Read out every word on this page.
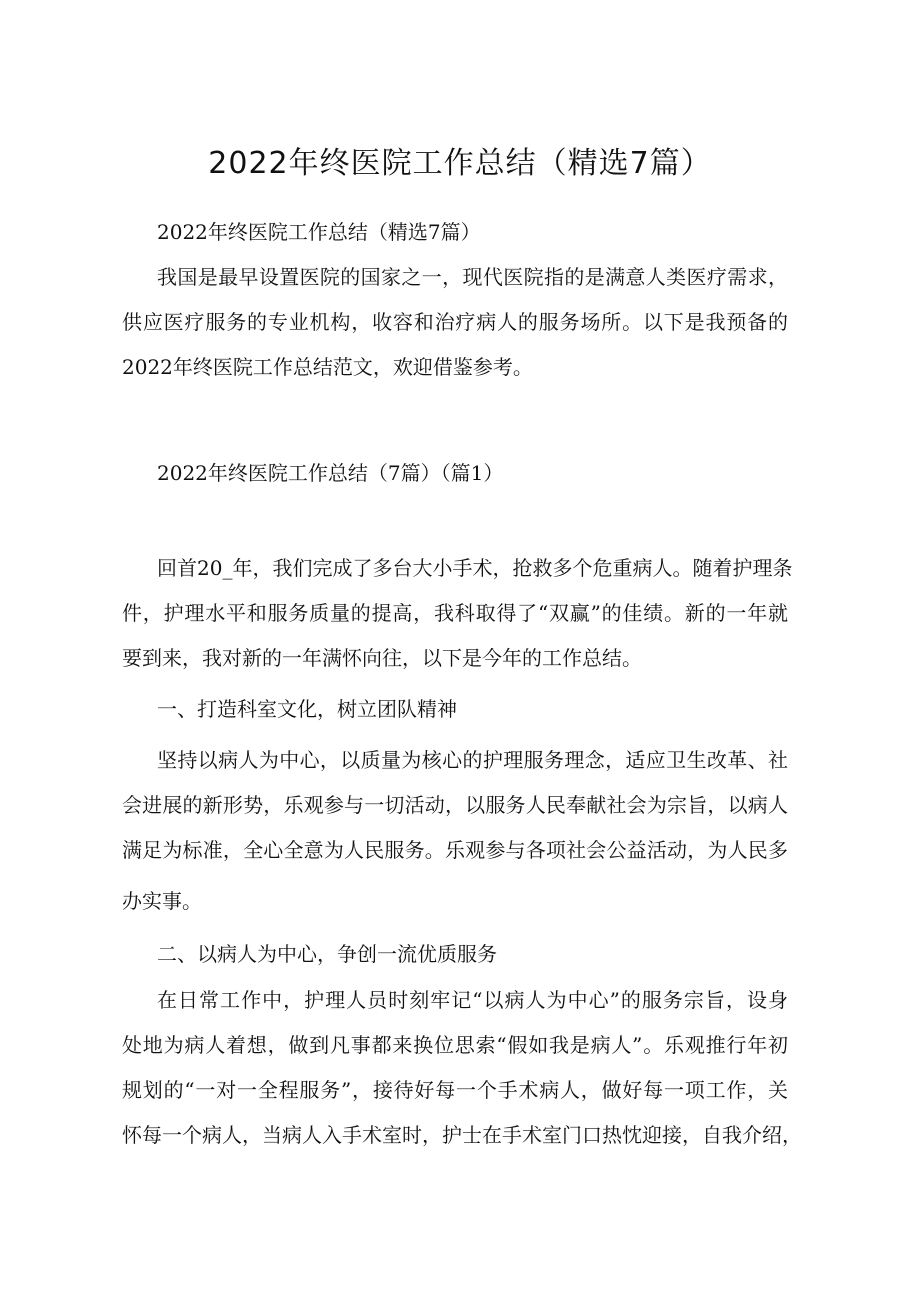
2022年终医院工作总结（精选7篇）
2022年终医院工作总结（精选7篇）
我国是最早设置医院的国家之一，现代医院指的是满意人类医疗需求，
供应医疗服务的专业机构，收容和治疗病人的服务场所。以下是我预备的
2022年终医院工作总结范文，欢迎借鉴参考。
2022年终医院工作总结（7篇）（篇1）
回首20_年，我们完成了多台大小手术，抢救多个危重病人。随着护理条
件，护理水平和服务质量的提高，我科取得了“双赢”的佳绩。新的一年就
要到来，我对新的一年满怀向往，以下是今年的工作总结。
一、打造科室文化，树立团队精神
坚持以病人为中心，以质量为核心的护理服务理念，适应卫生改革、社
会进展的新形势，乐观参与一切活动，以服务人民奉献社会为宗旨，以病人
满足为标准，全心全意为人民服务。乐观参与各项社会公益活动，为人民多
办实事。
二、以病人为中心，争创一流优质服务
在日常工作中，护理人员时刻牢记“以病人为中心”的服务宗旨，设身
处地为病人着想，做到凡事都来换位思索“假如我是病人”。乐观推行年初
规划的“一对一全程服务”，接待好每一个手术病人，做好每一项工作，关
怀每一个病人，当病人入手术室时，护士在手术室门口热忱迎接，自我介绍，
